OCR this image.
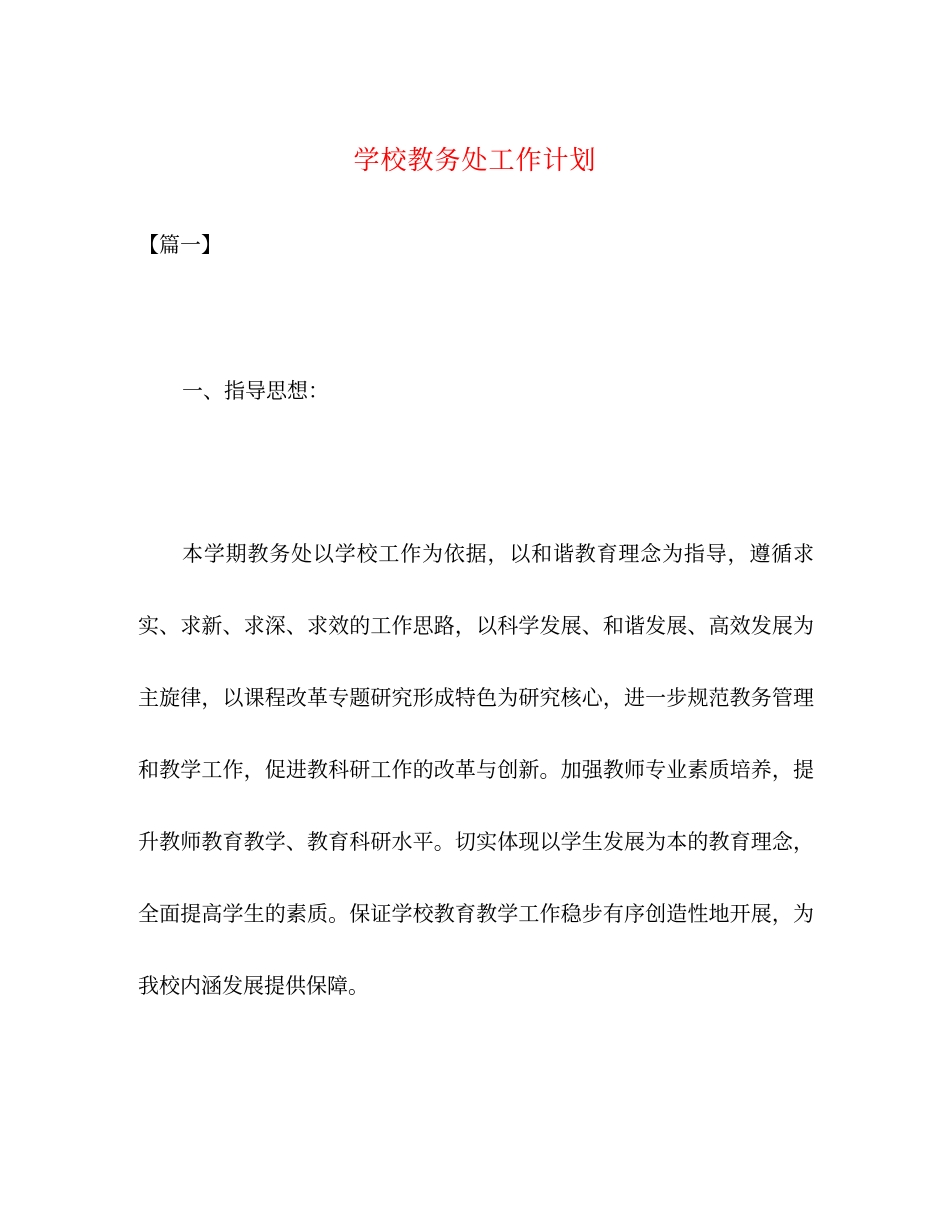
学校教务处工作计划

【篇一】

一、指导思想：

本学期教务处以学校工作为依据，以和谐教育理念为指导，遵循求实、求新、求深、求效的工作思路，以科学发展、和谐发展、高效发展为主旋律，以课程改革专题研究形成特色为研究核心，进一步规范教务管理和教学工作，促进教科研工作的改革与创新。加强教师专业素质培养，提升教师教育教学、教育科研水平。切实体现以学生发展为本的教育理念，全面提高学生的素质。保证学校教育教学工作稳步有序创造性地开展，为我校内涵发展提供保障。
